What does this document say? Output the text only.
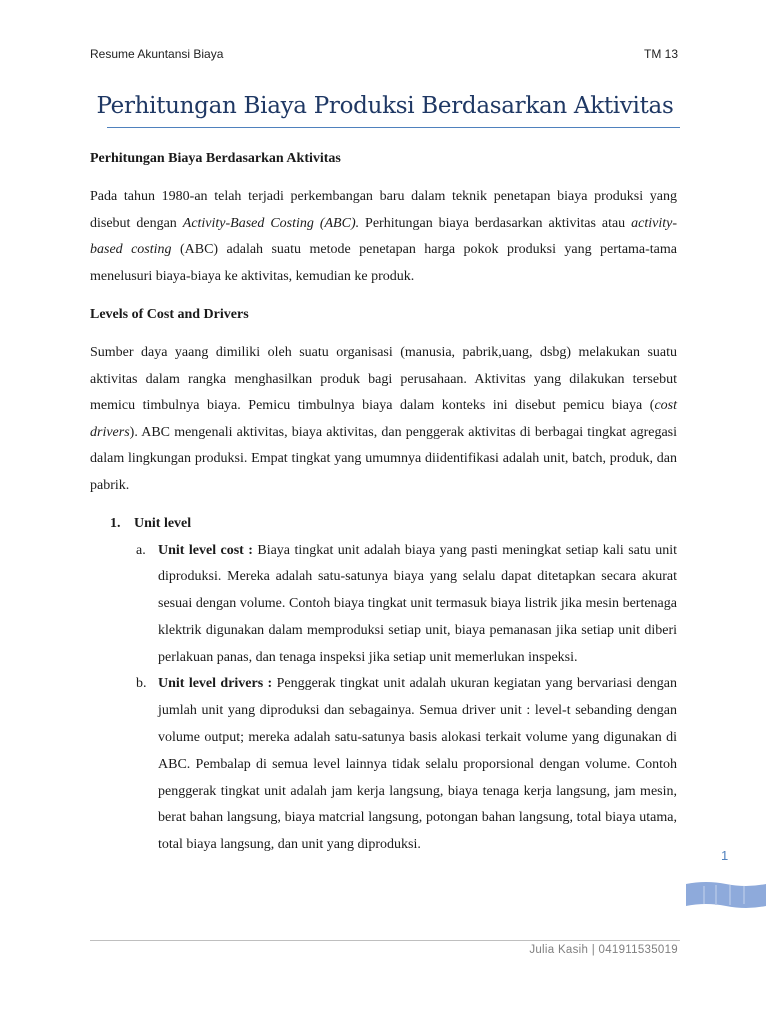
Resume Akuntansi Biaya	TM 13
Perhitungan Biaya Produksi Berdasarkan Aktivitas
Perhitungan Biaya Berdasarkan Aktivitas

Pada tahun 1980-an telah terjadi perkembangan baru dalam teknik penetapan biaya produksi yang disebut dengan Activity-Based Costing (ABC). Perhitungan biaya berdasarkan aktivitas atau activity-based costing (ABC) adalah suatu metode penetapan harga pokok produksi yang pertama-tama menelusuri biaya-biaya ke aktivitas, kemudian ke produk.

Levels of Cost and Drivers

Sumber daya yaang dimiliki oleh suatu organisasi (manusia, pabrik,uang, dsbg) melakukan suatu aktivitas dalam rangka menghasilkan produk bagi perusahaan. Aktivitas yang dilakukan tersebut memicu timbulnya biaya. Pemicu timbulnya biaya dalam konteks ini disebut pemicu biaya (cost drivers). ABC mengenali aktivitas, biaya aktivitas, dan penggerak aktivitas di berbagai tingkat agregasi dalam lingkungan produksi. Empat tingkat yang umumnya diidentifikasi adalah unit, batch, produk, dan pabrik.

1. Unit level
a. Unit level cost : Biaya tingkat unit adalah biaya yang pasti meningkat setiap kali satu unit diproduksi. Mereka adalah satu-satunya biaya yang selalu dapat ditetapkan secara akurat sesuai dengan volume. Contoh biaya tingkat unit termasuk biaya listrik jika mesin bertenaga klektrik digunakan dalam memproduksi setiap unit, biaya pemanasan jika setiap unit diberi perlakuan panas, dan tenaga inspeksi jika setiap unit memerlukan inspeksi.
b. Unit level drivers : Penggerak tingkat unit adalah ukuran kegiatan yang bervariasi dengan jumlah unit yang diproduksi dan sebagainya. Semua driver unit : level-t sebanding dengan volume output; mereka adalah satu-satunya basis alokasi terkait volume yang digunakan di ABC. Pembalap di semua level lainnya tidak selalu proporsional dengan volume. Contoh penggerak tingkat unit adalah jam kerja langsung, biaya tenaga kerja langsung, jam mesin, berat bahan langsung, biaya matcrial langsung, potongan bahan langsung, total biaya utama, total biaya langsung, dan unit yang diproduksi.
1
Julia Kasih | 041911535019
